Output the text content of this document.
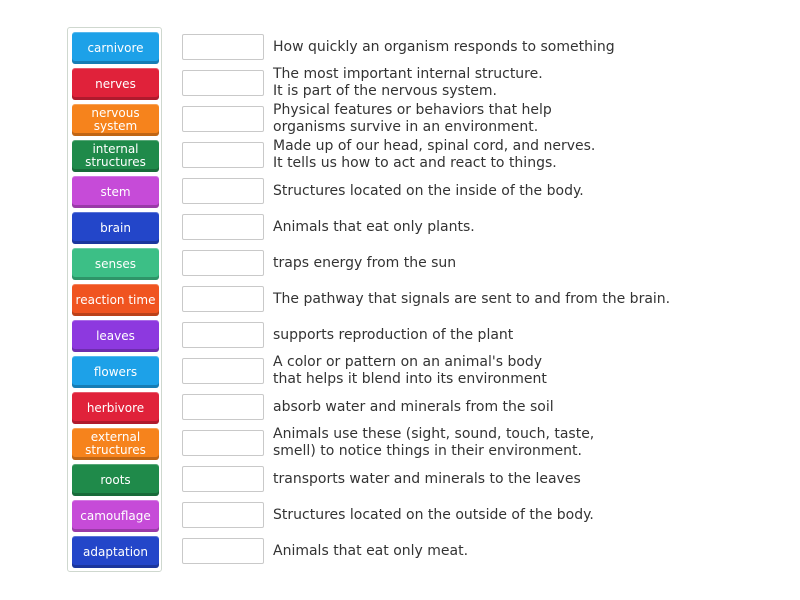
carnivore
nerves
nervous system
internal structures
stem
brain
senses
reaction time
leaves
flowers
herbivore
external structures
roots
camouflage
adaptation
How quickly an organism responds to something
The most important internal structure.
It is part of the nervous system.
Physical features or behaviors that help
organisms survive in an environment.
Made up of our head, spinal cord, and nerves.
It tells us how to act and react to things.
Structures located on the inside of the body.
Animals that eat only plants.
traps energy from the sun
The pathway that signals are sent to and from the brain.
supports reproduction of the plant
A color or pattern on an animal's body
that helps it blend into its environment
absorb water and minerals from the soil
Animals use these (sight, sound, touch, taste,
smell) to notice things in their environment.
transports water and minerals to the leaves
Structures located on the outside of the body.
Animals that eat only meat.
